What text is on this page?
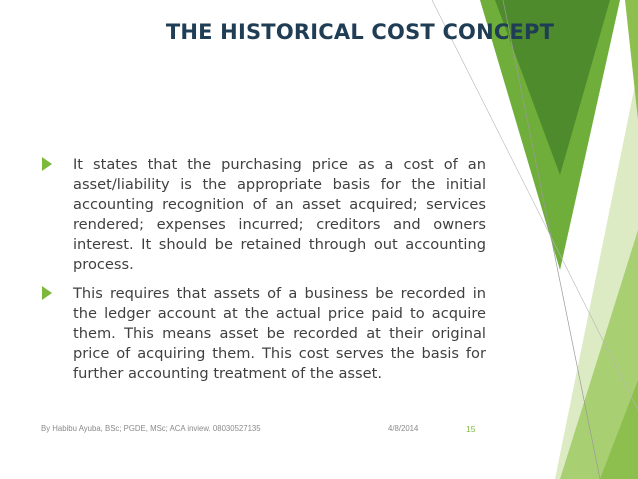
THE HISTORICAL COST CONCEPT
It states that the purchasing price as a cost of an asset/liability is the appropriate basis for the initial accounting recognition of an asset acquired; services rendered; expenses incurred; creditors and owners interest. It should be retained through out accounting process.
This requires that assets of a business be recorded in the ledger account at the actual price paid to acquire them. This means asset be recorded at their original price of acquiring them. This cost serves the basis for further accounting treatment of the asset.
By Habibu Ayuba, BSc; PGDE, MSc; ACA inview. 08030527135	4/8/2014	15
